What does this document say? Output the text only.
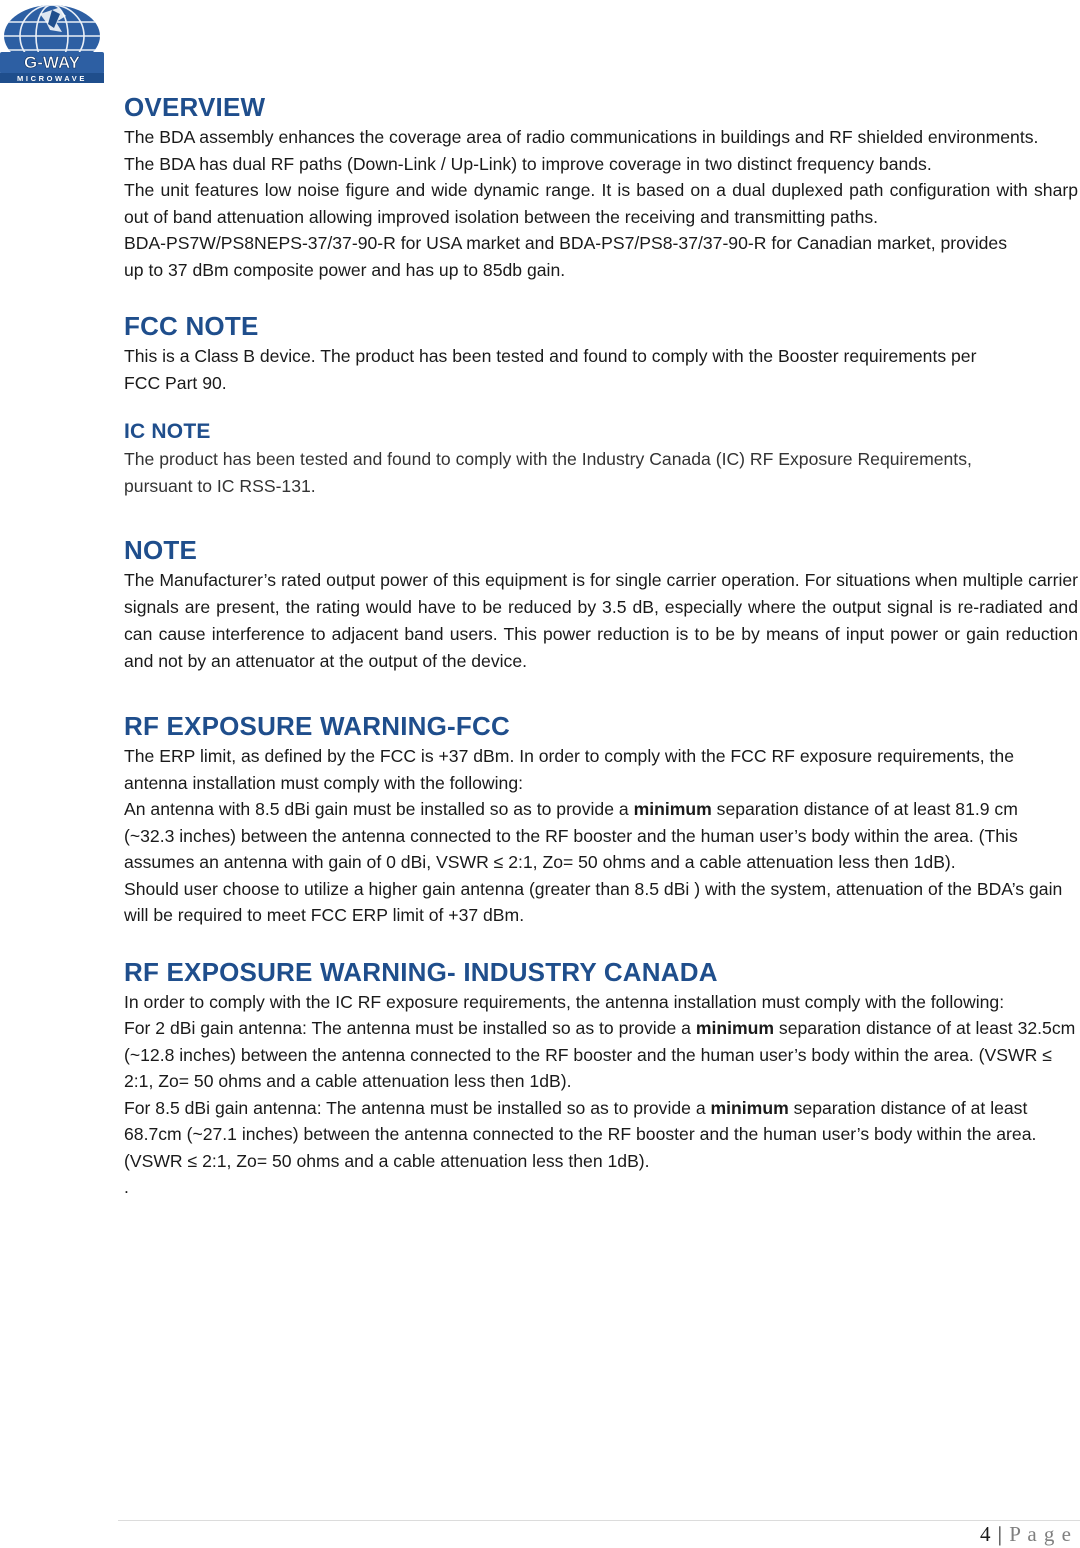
G-WAY
MICROWAVE
OVERVIEW

The BDA assembly enhances the coverage area of radio communications in buildings and RF shielded environments.

The BDA has dual RF paths (Down-Link / Up-Link) to improve coverage in two distinct frequency bands.

The unit features low noise figure and wide dynamic range. It is based on a dual duplexed path configuration with sharp out of band attenuation allowing improved isolation between the receiving and transmitting paths.

BDA-PS7W/PS8NEPS-37/37-90-R for USA market and BDA-PS7/PS8-37/37-90-R for Canadian market, provides up to 37 dBm composite power and has up to 85db gain.

FCC NOTE

This is a Class B device. The product has been tested and found to comply with the Booster requirements per FCC Part 90.

IC NOTE

The product has been tested and found to comply with the Industry Canada (IC) RF Exposure Requirements, pursuant to IC RSS-131.

NOTE

The Manufacturer’s rated output power of this equipment is for single carrier operation. For situations when multiple carrier signals are present, the rating would have to be reduced by 3.5 dB, especially where the output signal is re-radiated and can cause interference to adjacent band users. This power reduction is to be by means of input power or gain reduction and not by an attenuator at the output of the device.

RF EXPOSURE WARNING-FCC

The ERP limit, as defined by the FCC is +37 dBm. In order to comply with the FCC RF exposure requirements, the antenna installation must comply with the following:

An antenna with 8.5 dBi gain must be installed so as to provide a minimum separation distance of at least 81.9 cm (~32.3 inches) between the antenna connected to the RF booster and the human user’s body within the area. (This assumes an antenna with gain of 0 dBi, VSWR ≤ 2:1, Zo= 50 ohms and a cable attenuation less then 1dB).

Should user choose to utilize a higher gain antenna (greater than 8.5 dBi ) with the system, attenuation of the BDA’s gain will be required to meet FCC ERP limit of +37 dBm.

RF EXPOSURE WARNING- INDUSTRY CANADA

In order to comply with the IC RF exposure requirements, the antenna installation must comply with the following:

For 2 dBi gain antenna: The antenna must be installed so as to provide a minimum separation distance of at least 32.5cm (~12.8 inches) between the antenna connected to the RF booster and the human user’s body within the area. (VSWR ≤ 2:1, Zo= 50 ohms and a cable attenuation less then 1dB).

For 8.5 dBi gain antenna: The antenna must be installed so as to provide a minimum separation distance of at least 68.7cm (~27.1 inches) between the antenna connected to the RF booster and the human user’s body within the area. (VSWR ≤ 2:1, Zo= 50 ohms and a cable attenuation less then 1dB).

.

4 | P a g e
